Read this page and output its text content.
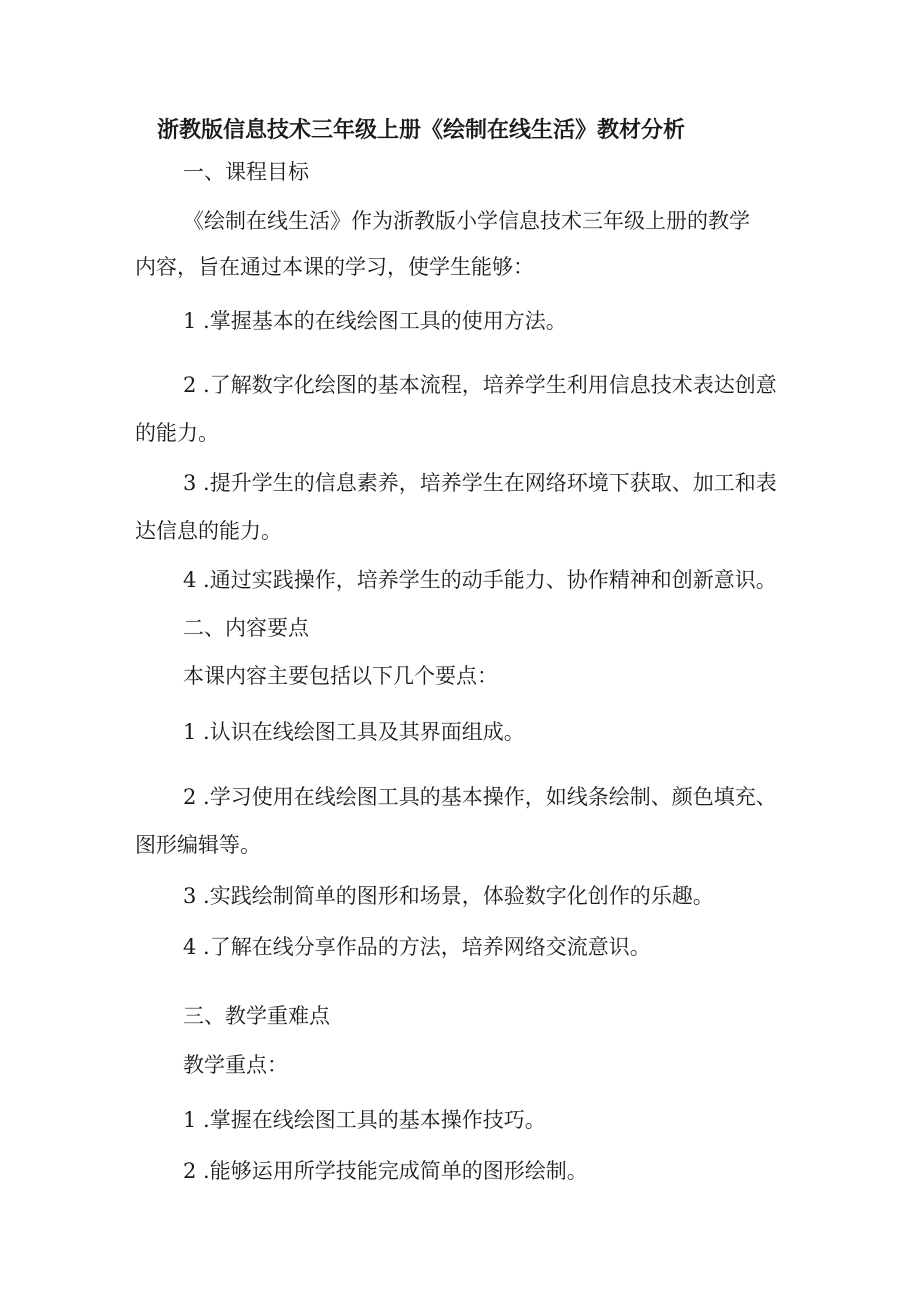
浙教版信息技术三年级上册《绘制在线生活》教材分析
一、课程目标
《绘制在线生活》作为浙教版小学信息技术三年级上册的教学
内容，旨在通过本课的学习，使学生能够：
1 .掌握基本的在线绘图工具的使用方法。
2 .了解数字化绘图的基本流程，培养学生利用信息技术表达创意
的能力。
3 .提升学生的信息素养，培养学生在网络环境下获取、加工和表
达信息的能力。
4 .通过实践操作，培养学生的动手能力、协作精神和创新意识。
二、内容要点
本课内容主要包括以下几个要点：
1 .认识在线绘图工具及其界面组成。
2 .学习使用在线绘图工具的基本操作，如线条绘制、颜色填充、
图形编辑等。
3 .实践绘制简单的图形和场景，体验数字化创作的乐趣。
4 .了解在线分享作品的方法，培养网络交流意识。
三、教学重难点
教学重点：
1 .掌握在线绘图工具的基本操作技巧。
2 .能够运用所学技能完成简单的图形绘制。
